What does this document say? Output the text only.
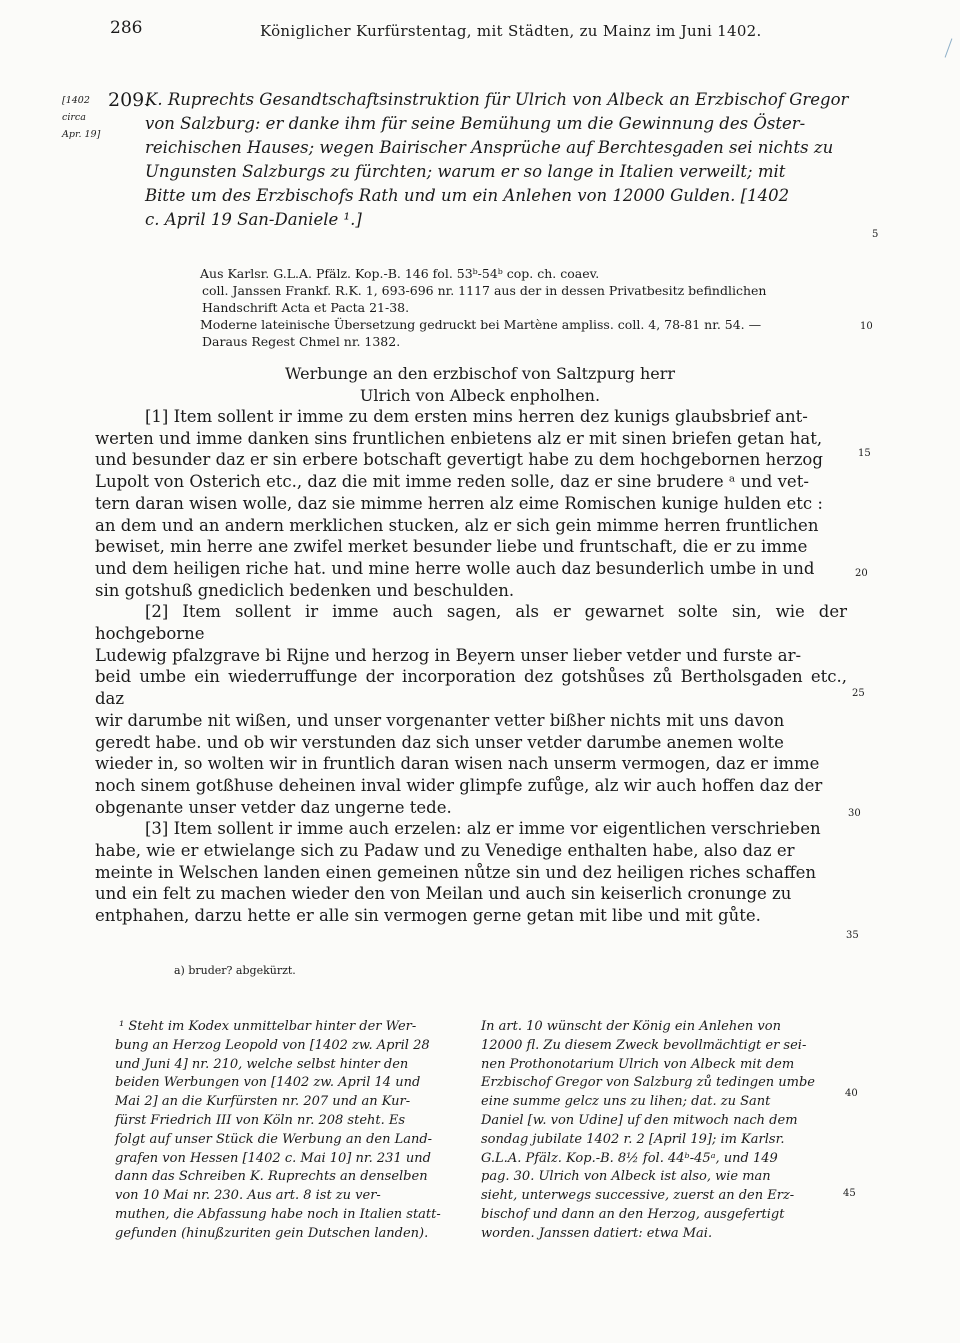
286	Königlicher Kurfürstentag, mit Städten, zu Mainz im Juni 1402.
[1402 circa Apr. 19]
209.

K. Ruprechts Gesandtschaftsinstruktion für Ulrich von Albeck an Erzbischof Gregor

von Salzburg: er danke ihm für seine Bemühung um die Gewinnung des Öster-

reichischen Hauses; wegen Bairischer Ansprüche auf Berchtesgaden sei nichts zu

Ungunsten Salzburgs zu fürchten; warum er so lange in Italien verweilt; mit

Bitte um des Erzbischofs Rath und um ein Anlehen von 12000 Gulden. [1402

c. April 19 San-Daniele ¹.]

Aus Karlsr. G.L.A. Pfälz. Kop.-B. 146 fol. 53ᵇ-54ᵇ cop. ch. coaev.

coll. Janssen Frankf. R.K. 1, 693-696 nr. 1117 aus der in dessen Privatbesitz befindlichen

Handschrift Acta et Pacta 21-38.

Moderne lateinische Übersetzung gedruckt bei Martène ampliss. coll. 4, 78-81 nr. 54. —

Daraus Regest Chmel nr. 1382.

5
10
15
20
25
30
35
40
45
Werbunge an den erzbischof von Saltzpurg herr
Ulrich von Albeck enpholhen.

[1] Item sollent ir imme zu dem ersten mins herren dez kunigs glaubsbrief ant-

werten und imme danken sins fruntlichen enbietens alz er mit sinen briefen getan hat,

und besunder daz er sin erbere botschaft gevertigt habe zu dem hochgebornen herzog

Lupolt von Osterich etc., daz die mit imme reden solle, daz er sine brudere ᵃ und vet-

tern daran wisen wolle, daz sie mimme herren alz eime Romischen kunige hulden etc :

an dem und an andern merklichen stucken, alz er sich gein mimme herren fruntlichen

bewiset, min herre ane zwifel merket besunder liebe und fruntschaft, die er zu imme

und dem heiligen riche hat. und mine herre wolle auch daz besunderlich umbe in und

sin gotshuß gnediclich bedenken und beschulden.

[2] Item sollent ir imme auch sagen, als er gewarnet solte sin, wie der hochgeborne

Ludewig pfalzgrave bi Rijne und herzog in Beyern unser lieber vetder und furste ar-

beid umbe ein wiederruffunge der incorporation dez gotshůses zů Bertholsgaden etc., daz

wir darumbe nit wißen, und unser vorgenanter vetter bißher nichts mit uns davon

geredt habe. und ob wir verstunden daz sich unser vetder darumbe anemen wolte

wieder in, so wolten wir in fruntlich daran wisen nach unserm vermogen, daz er imme

noch sinem gotßhuse deheinen inval wider glimpfe zufůge, alz wir auch hoffen daz der

obgenante unser vetder daz ungerne tede.

[3] Item sollent ir imme auch erzelen: alz er imme vor eigentlichen verschrieben

habe, wie er etwielange sich zu Padaw und zu Venedige enthalten habe, also daz er

meinte in Welschen landen einen gemeinen nůtze sin und dez heiligen riches schaffen

und ein felt zu machen wieder den von Meilan und auch sin keiserlich cronunge zu

entphahen, darzu hette er alle sin vermogen gerne getan mit libe und mit gůte.

a) bruder? abgekürzt.
¹ Steht im Kodex unmittelbar hinter der Wer-
bung an Herzog Leopold von [1402 zw. April 28
und Juni 4] nr. 210, welche selbst hinter den
beiden Werbungen von [1402 zw. April 14 und
Mai 2] an die Kurfürsten nr. 207 und an Kur-
fürst Friedrich III von Köln nr. 208 steht. Es
folgt auf unser Stück die Werbung an den Land-
grafen von Hessen [1402 c. Mai 10] nr. 231 und
dann das Schreiben K. Ruprechts an denselben
von 10 Mai nr. 230. Aus art. 8 ist zu ver-
muthen, die Abfassung habe noch in Italien statt-
gefunden (hinußzuriten gein Dutschen landen).
In art. 10 wünscht der König ein Anlehen von
12000 fl. Zu diesem Zweck bevollmächtigt er sei-
nen Prothonotarium Ulrich von Albeck mit dem
Erzbischof Gregor von Salzburg zů tedingen umbe
eine summe gelcz uns zu lihen; dat. zu Sant
Daniel [w. von Udine] uf den mitwoch nach dem
sondag jubilate 1402 r. 2 [April 19]; im Karlsr.
G.L.A. Pfälz. Kop.-B. 8½ fol. 44ᵇ-45ᵃ, und 149
pag. 30. Ulrich von Albeck ist also, wie man
sieht, unterwegs successive, zuerst an den Erz-
bischof und dann an den Herzog, ausgefertigt
worden. Janssen datiert: etwa Mai.
